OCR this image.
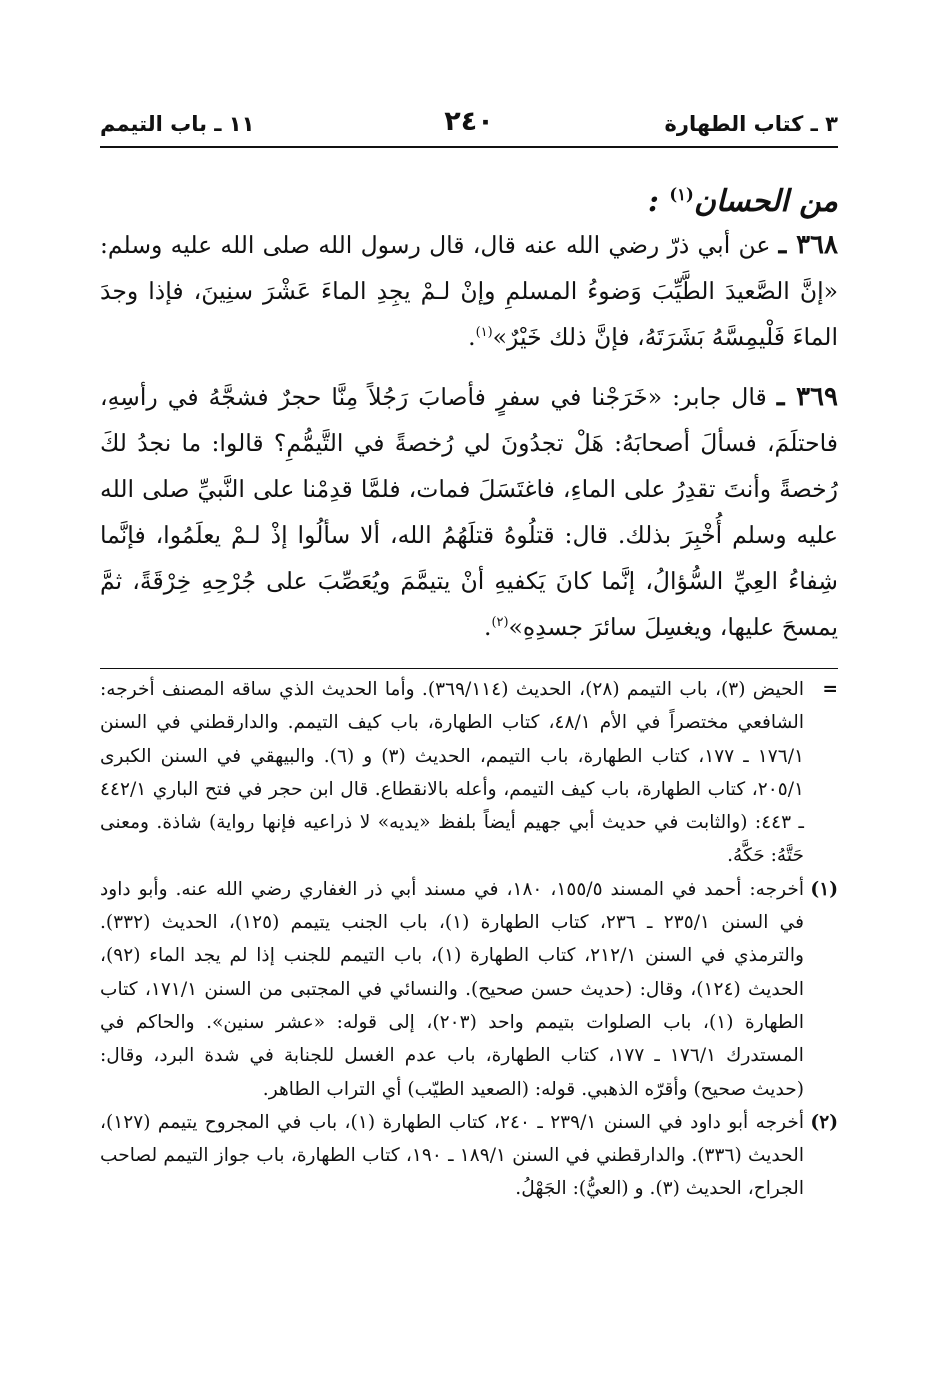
٣ ـ كتاب الطهارة
٢٤٠
١١ ـ باب التيمم
من الحسان$^{(١)}$ :

٣٦٨ ـ عن أبي ذرّ رضي الله عنه قال، قال رسول الله صلى الله عليه وسلم: «إنَّ الصَّعيدَ الطَّيِّبَ وَضوءُ المسلمِ وإنْ لـمْ يجِدِ الماءَ عَشْرَ سنِينَ، فإذا وجدَ الماءَ فَلْيمِسَّهُ بَشَرَتَهُ، فإنَّ ذلك خَيْرٌ»$^{(١)}$.

٣٦٩ ـ قال جابر: «خَرَجْنا في سفرٍ فأصابَ رَجُلاً مِنَّا حجرٌ فشجَّهُ في رأسِهِ، فاحتلَمَ، فسألَ أصحابَهُ: هَلْ تجدُونَ لي رُخصةً في التَّيمُّمِ؟ قالوا: ما نجدُ لكَ رُخصةً وأنتَ تقدِرُ على الماءِ، فاغتَسَلَ فمات، فلمَّا قدِمْنا على النَّبيِّ صلى الله عليه وسلم أُخْبِرَ بذلك. قال: قتلُوهُ قتلَهُمُ الله، ألا سألُوا إذْ لـمْ يعلَمُوا، فإنَّما شِفاءُ العِيِّ السُّؤالُ، إنَّما كانَ يَكفيهِ أنْ يتيمَّمَ ويُعَصِّبَ على جُرْحِهِ خِرْقَةً، ثمَّ يمسحَ عليها، ويغسِلَ سائرَ جسدِهِ»$^{(٢)}$.

=
الحيض (٣)، باب التيمم (٢٨)، الحديث (٣٦٩/١١٤). وأما الحديث الذي ساقه المصنف أخرجه: الشافعي مختصراً في الأم ٤٨/١، كتاب الطهارة، باب كيف التيمم. والدارقطني في السنن ١٧٦/١ ـ ١٧٧، كتاب الطهارة، باب التيمم، الحديث (٣) و (٦). والبيهقي في السنن الكبرى ٢٠٥/١، كتاب الطهارة، باب كيف التيمم، وأعله بالانقطاع. قال ابن حجر في فتح الباري ٤٤٢/١ ـ ٤٤٣: (والثابت في حديث أبي جهيم أيضاً بلفظ «يديه» لا ذراعيه فإنها رواية) شاذة. ومعنى حَتَّهُ: حَكَّهُ.

(١)
أخرجه: أحمد في المسند ١٥٥/٥، ١٨٠، في مسند أبي ذر الغفاري رضي الله عنه. وأبو داود في السنن ٢٣٥/١ ـ ٢٣٦، كتاب الطهارة (١)، باب الجنب يتيمم (١٢٥)، الحديث (٣٣٢). والترمذي في السنن ٢١٢/١، كتاب الطهارة (١)، باب التيمم للجنب إذا لم يجد الماء (٩٢)، الحديث (١٢٤)، وقال: (حديث حسن صحيح). والنسائي في المجتبى من السنن ١٧١/١، كتاب الطهارة (١)، باب الصلوات بتيمم واحد (٢٠٣)، إلى قوله: «عشر سنين». والحاكم في المستدرك ١٧٦/١ ـ ١٧٧، كتاب الطهارة، باب عدم الغسل للجنابة في شدة البرد، وقال: (حديث صحيح) وأقرّه الذهبي. قوله: (الصعيد الطيّب) أي التراب الطاهر.

(٢)
أخرجه أبو داود في السنن ٢٣٩/١ ـ ٢٤٠، كتاب الطهارة (١)، باب في المجروح يتيمم (١٢٧)، الحديث (٣٣٦). والدارقطني في السنن ١٨٩/١ ـ ١٩٠، كتاب الطهارة، باب جواز التيمم لصاحب الجراح، الحديث (٣). و (العيُّ): الجَهْلُ.
